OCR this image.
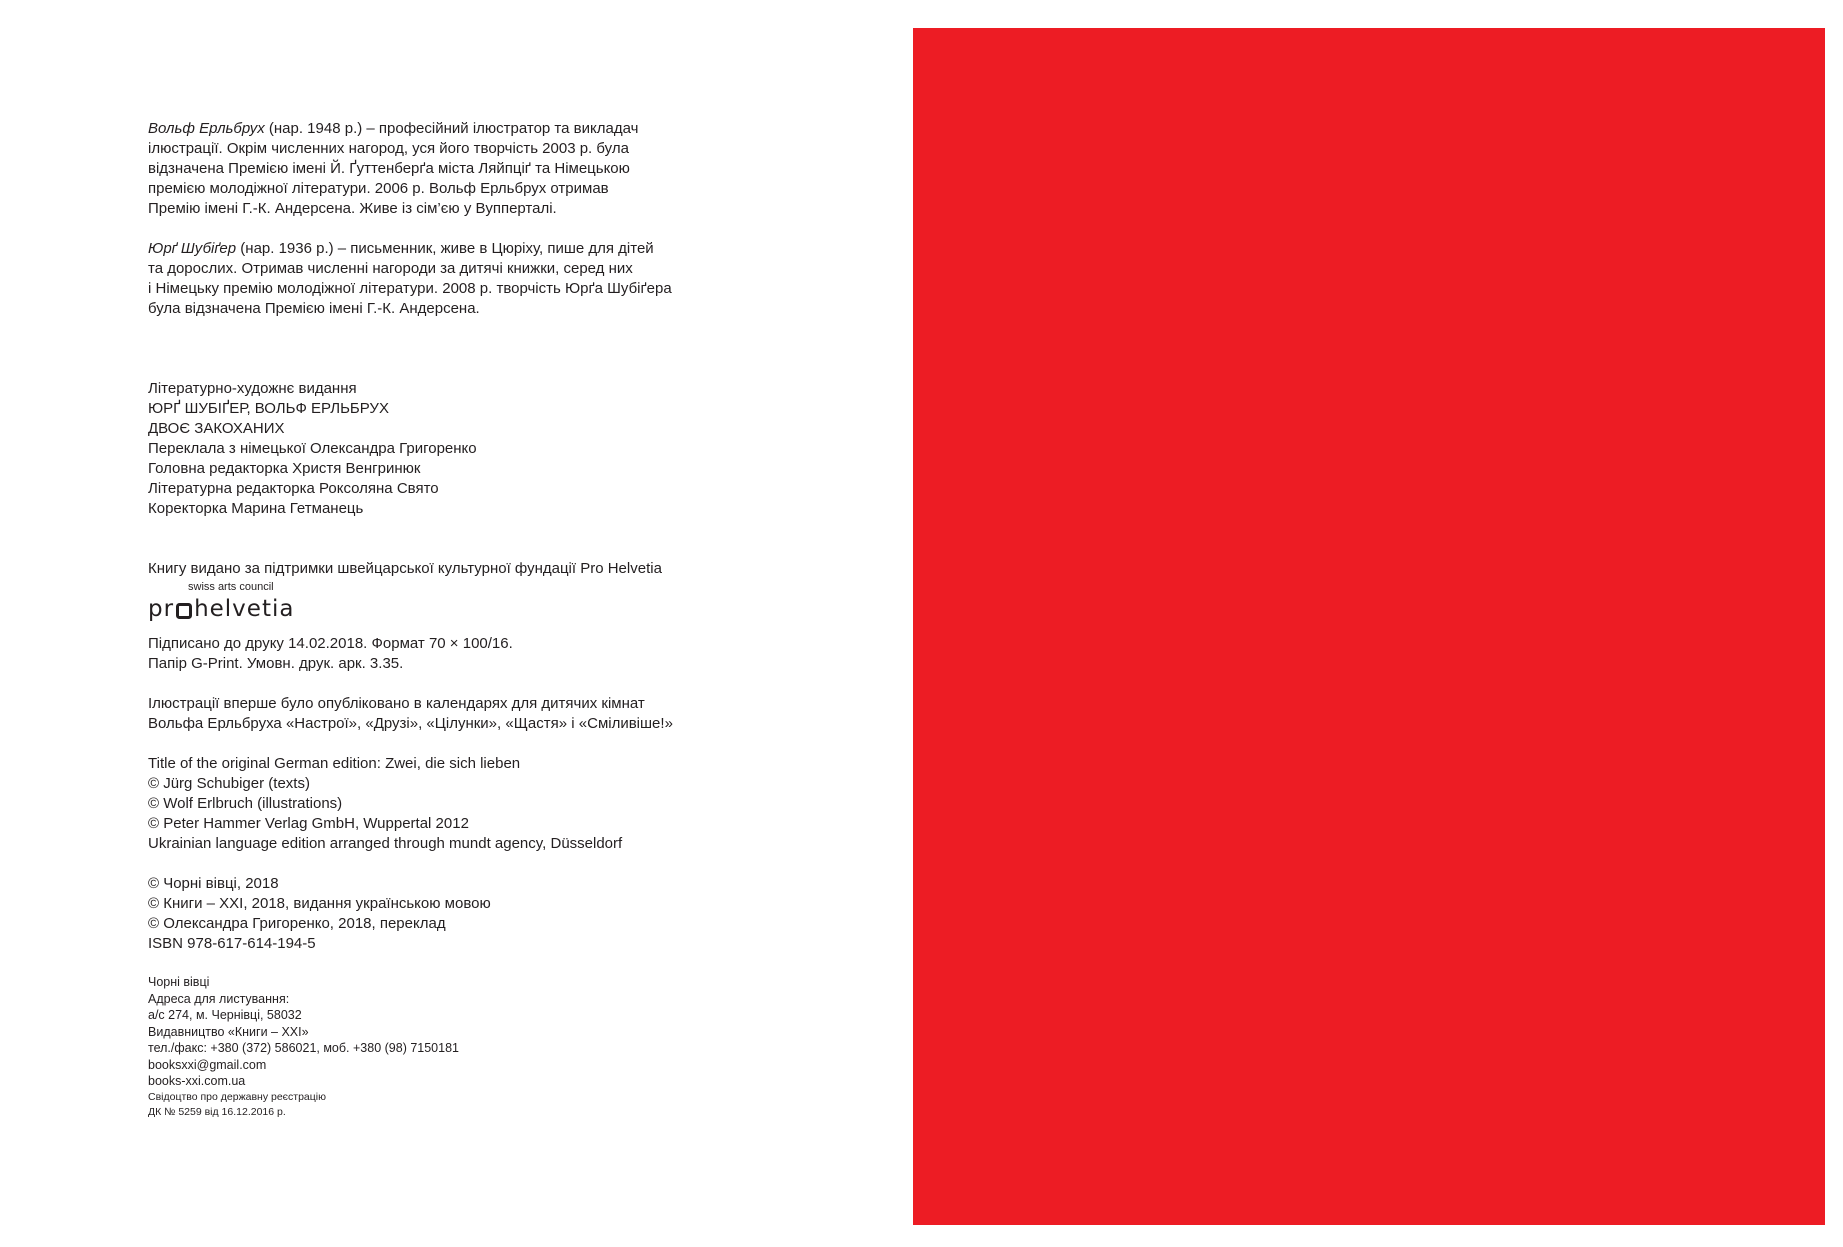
Вольф Ерльбрух (нар. 1948 р.) – професійний ілюстратор та викладач
ілюстрації. Окрім численних нагород, уся його творчість 2003 р. була
відзначена Премією імені Й. Ґуттенберґа міста Ляйпціґ та Німецькою
премією молодіжної літератури. 2006 р. Вольф Ерльбрух отримав
Премію імені Г.-К. Андерсена. Живе із сім’єю у Вупперталі.
Юрґ Шубіґер (нар. 1936 р.) – письменник, живе в Цюріху, пише для дітей
та дорослих. Отримав численні нагороди за дитячі книжки, серед них
і Німецьку премію молодіжної літератури. 2008 р. творчість Юрґа Шубіґера
була відзначена Премією імені Г.-К. Андерсена.
Літературно-художнє видання
ЮРҐ ШУБІҐЕР, ВОЛЬФ ЕРЛЬБРУХ
ДВОЄ ЗАКОХАНИХ
Переклала з німецької Олександра Григоренко
Головна редакторка Христя Венгринюк
Літературна редакторка Роксоляна Свято
Коректорка Марина Гетманець
Книгу видано за підтримки швейцарської культурної фундації Pro Helvetia
swiss arts council
pr helvetia
Підписано до друку 14.02.2018. Формат 70 × 100/16.
Папір G-Print. Умовн. друк. арк. 3.35.
Ілюстрації вперше було опубліковано в календарях для дитячих кімнат
Вольфа Ерльбруха «Настрої», «Друзі», «Цілунки», «Щастя» і «Сміливіше!»
Title of the original German edition: Zwei, die sich lieben
© Jürg Schubiger (texts)
© Wolf Erlbruch (illustrations)
© Peter Hammer Verlag GmbH, Wuppertal 2012
Ukrainian language edition arranged through mundt agency, Düsseldorf
© Чорні вівці, 2018
© Книги – ХХІ, 2018, видання українською мовою
© Олександра Григоренко, 2018, переклад
ISBN 978-617-614-194-5
Чорні вівці
Адреса для листування:
а/с 274, м. Чернівці, 58032
Видавництво «Книги – ХХІ»
тел./факс: +380 (372) 586021, моб. +380 (98) 7150181
booksxxi@gmail.com
books-xxi.com.ua
Свідоцтво про державну реєстрацію
ДК № 5259 від 16.12.2016 р.
